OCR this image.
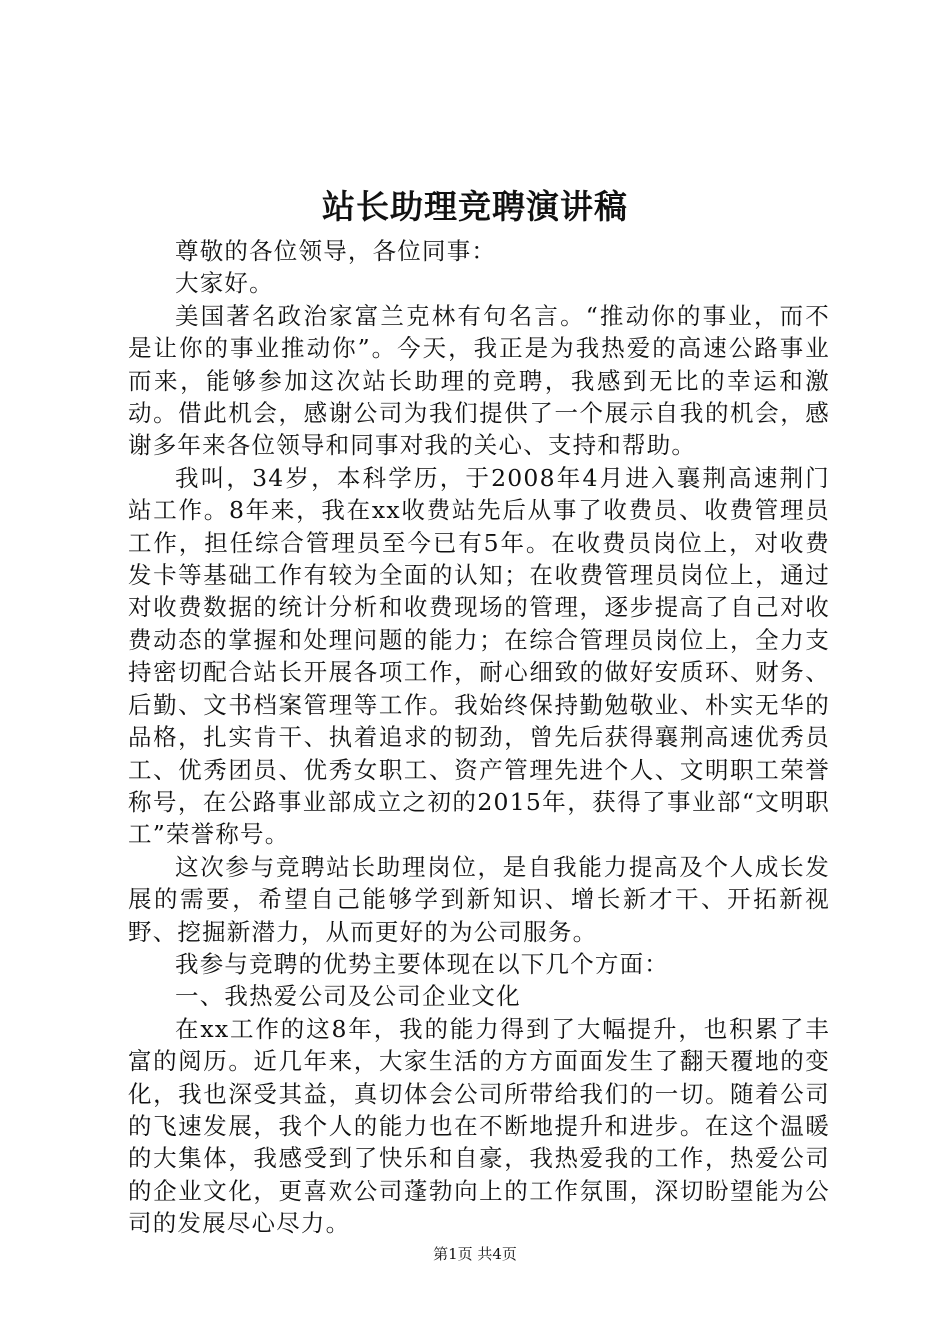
站长助理竞聘演讲稿

尊敬的各位领导，各位同事：

大家好。

美国著名政治家富兰克林有句名言。“推动你的事业，而不是让你的事业推动你”。今天，我正是为我热爱的高速公路事业而来，能够参加这次站长助理的竞聘，我感到无比的幸运和激动。借此机会，感谢公司为我们提供了一个展示自我的机会，感谢多年来各位领导和同事对我的关心、支持和帮助。

我叫，34岁，本科学历，于2008年4月进入襄荆高速荆门站工作。8年来，我在xx收费站先后从事了收费员、收费管理员工作，担任综合管理员至今已有5年。在收费员岗位上，对收费发卡等基础工作有较为全面的认知；在收费管理员岗位上，通过对收费数据的统计分析和收费现场的管理，逐步提高了自己对收费动态的掌握和处理问题的能力；在综合管理员岗位上，全力支持密切配合站长开展各项工作，耐心细致的做好安质环、财务、后勤、文书档案管理等工作。我始终保持勤勉敬业、朴实无华的品格，扎实肯干、执着追求的韧劲，曾先后获得襄荆高速优秀员工、优秀团员、优秀女职工、资产管理先进个人、文明职工荣誉称号，在公路事业部成立之初的2015年，获得了事业部“文明职工”荣誉称号。

这次参与竞聘站长助理岗位，是自我能力提高及个人成长发展的需要，希望自己能够学到新知识、增长新才干、开拓新视野、挖掘新潜力，从而更好的为公司服务。

我参与竞聘的优势主要体现在以下几个方面：

一、我热爱公司及公司企业文化

在xx工作的这8年，我的能力得到了大幅提升，也积累了丰富的阅历。近几年来，大家生活的方方面面发生了翻天覆地的变化，我也深受其益，真切体会公司所带给我们的一切。随着公司的飞速发展，我个人的能力也在不断地提升和进步。在这个温暖的大集体，我感受到了快乐和自豪，我热爱我的工作，热爱公司的企业文化，更喜欢公司蓬勃向上的工作氛围，深切盼望能为公司的发展尽心尽力。

第1页 共4页
